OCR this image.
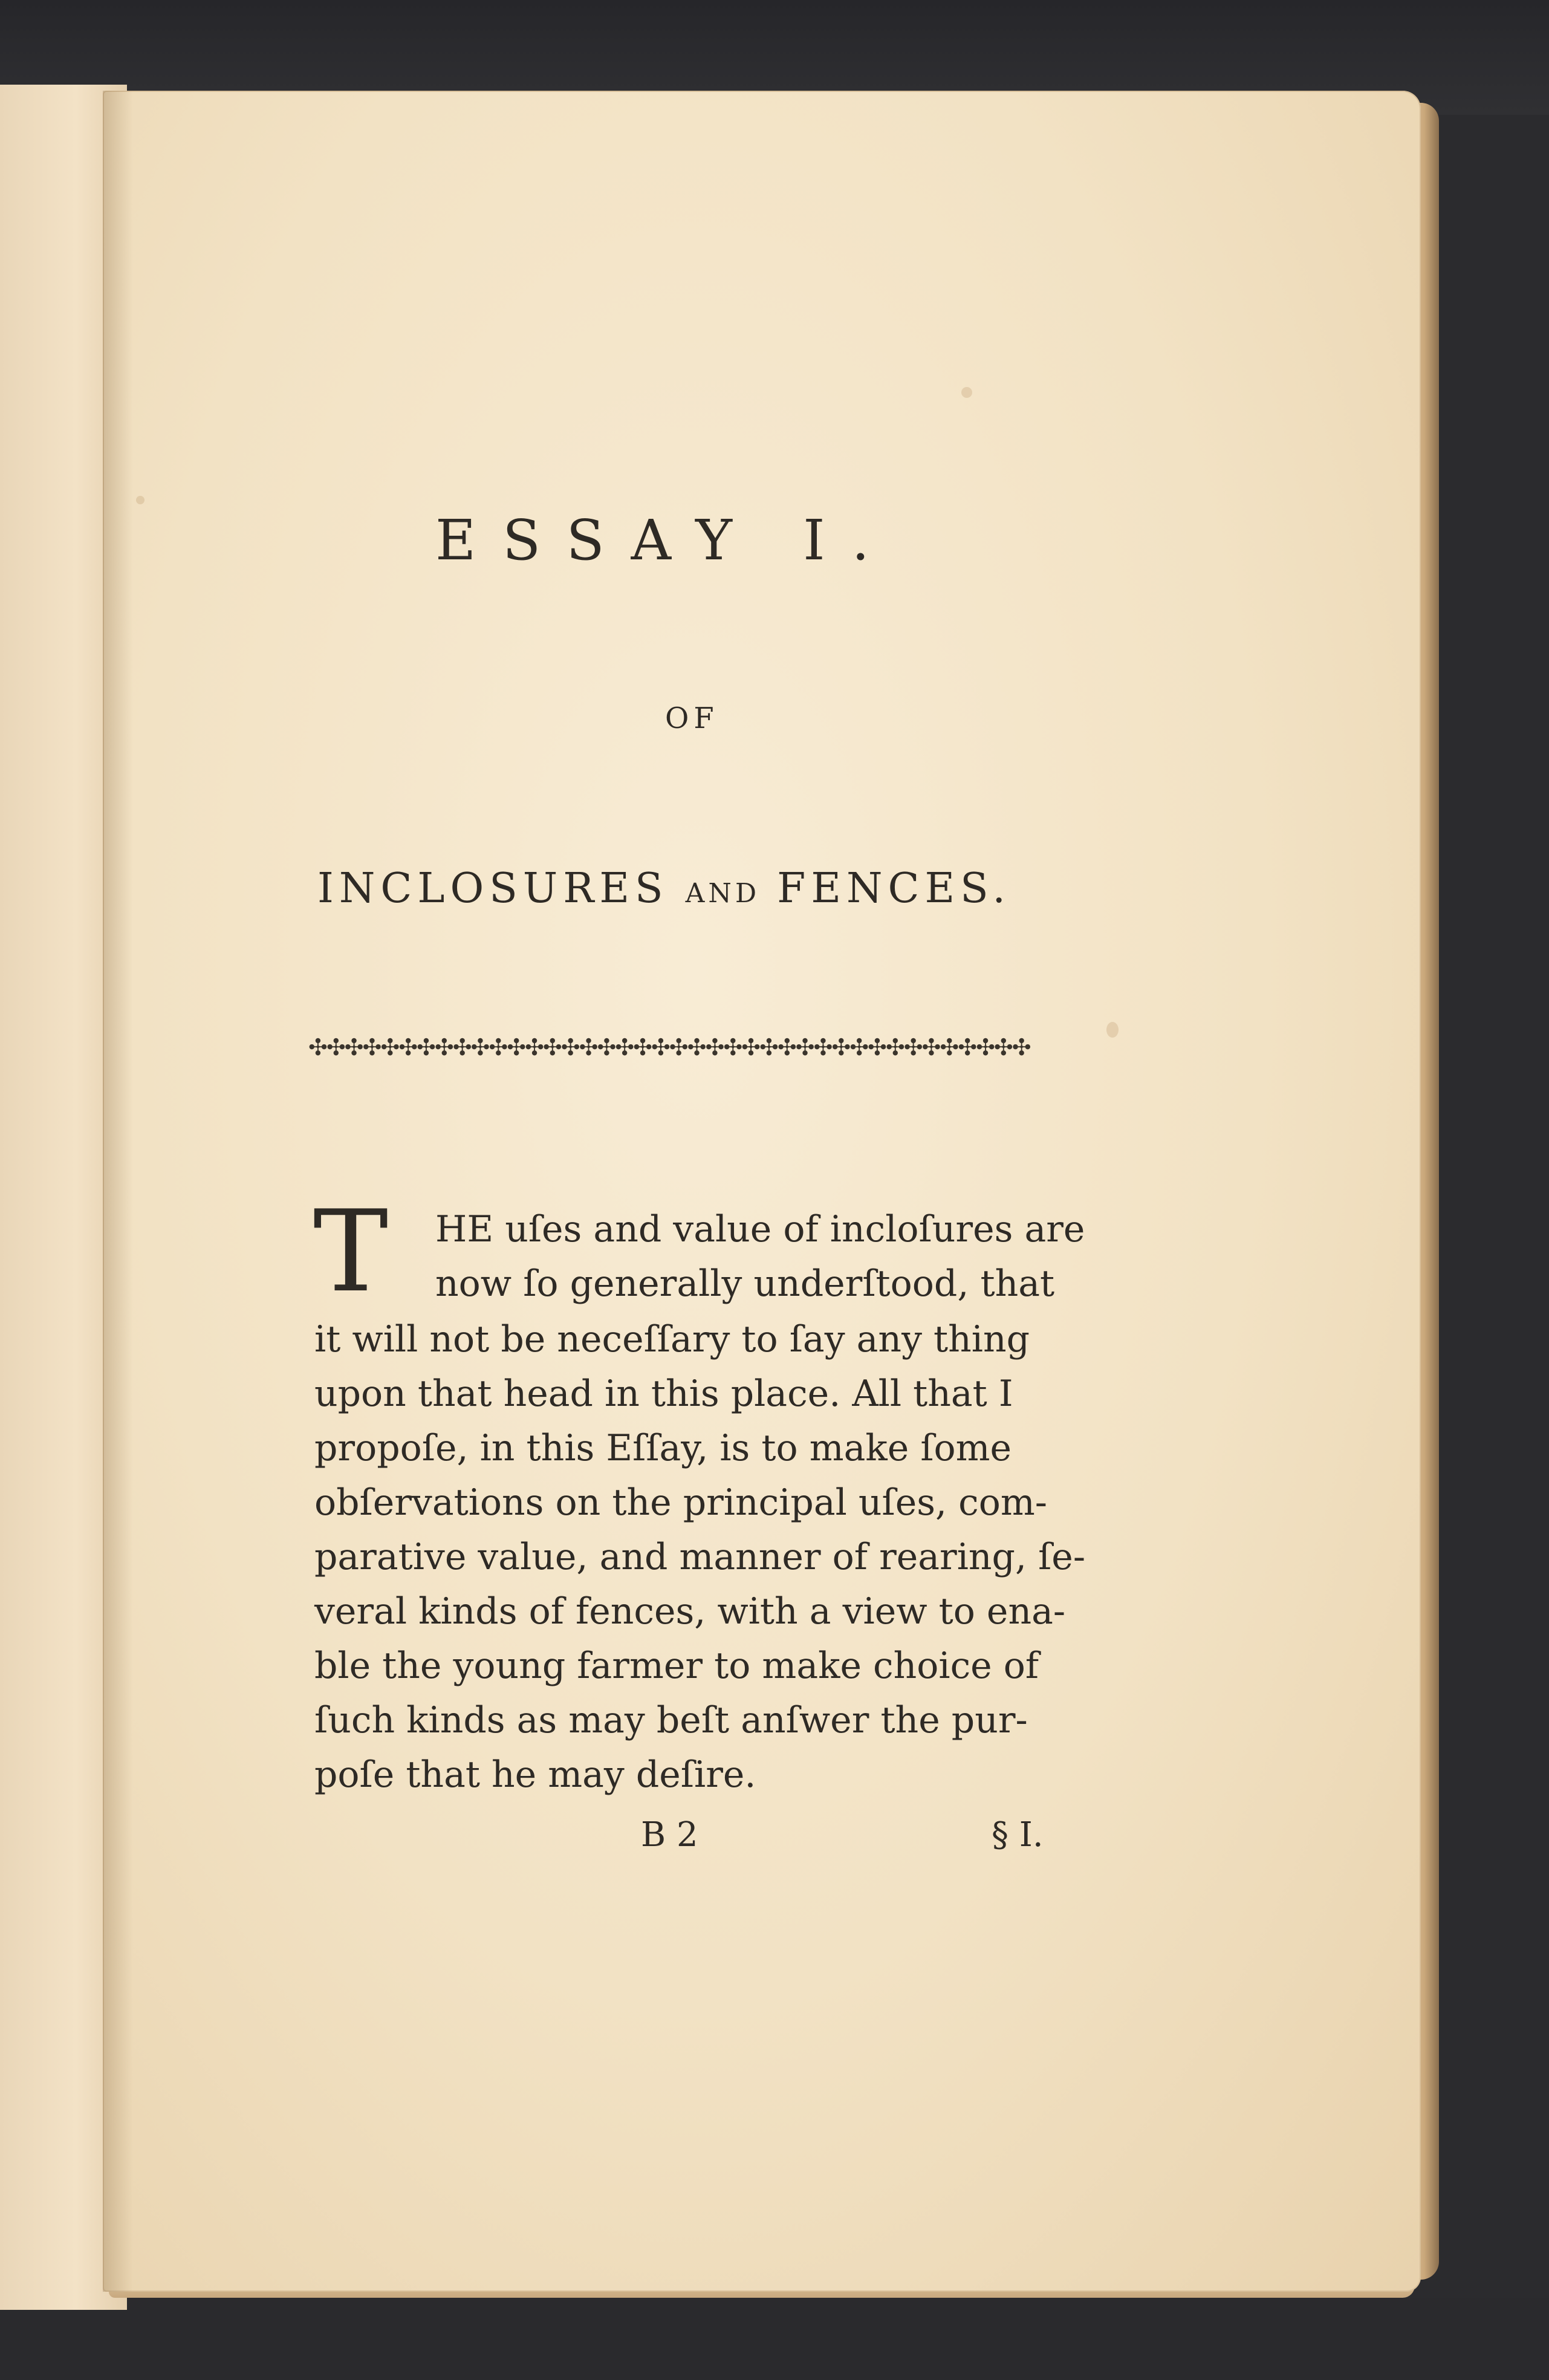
ESSAY I.
OF
INCLOSURES AND FENCES.
✣✣✣✣✣✣✣✣✣✣✣✣✣✣✣✣✣✣✣✣✣✣✣✣✣✣✣✣✣✣✣✣✣✣✣✣✣✣✣✣
T	HE uſes and value of incloſures are
now ſo generally underſtood, that
it will not be neceſſary to ſay any thing
upon that head in this place. All that I
propoſe, in this Eſſay, is to make ſome
obſervations on the principal uſes, com-
parative value, and manner of rearing, ſe-
veral kinds of fences, with a view to ena-
ble the young farmer to make choice of
ſuch kinds as may beſt anſwer the pur-
poſe that he may deſire.
B 2	§ I.
